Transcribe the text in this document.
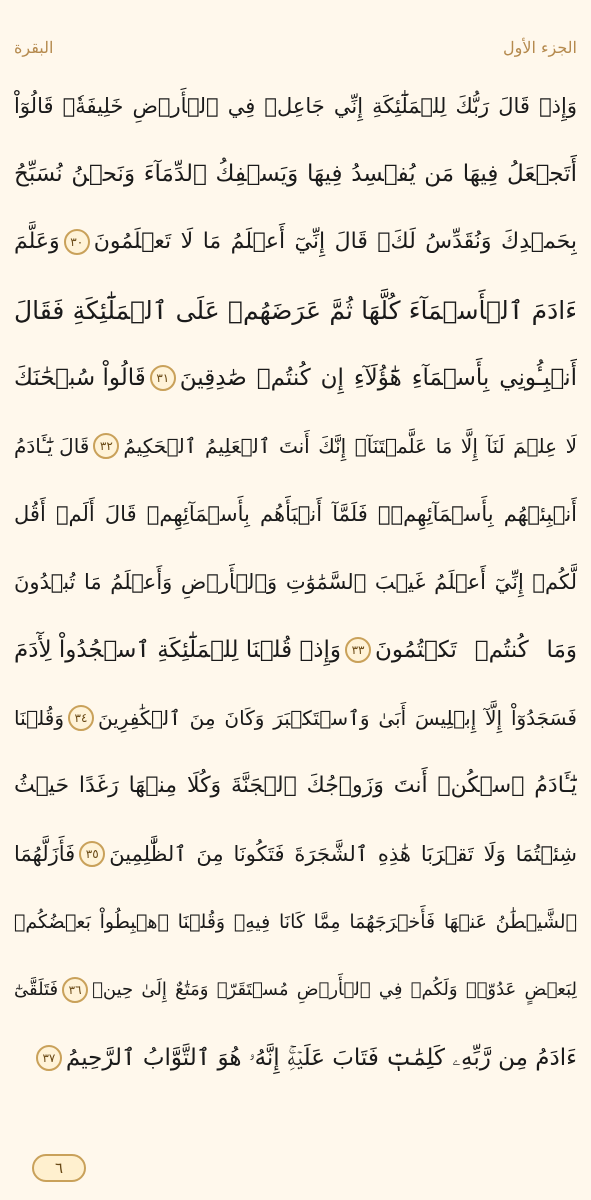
البقرة	الجزء الأول
وَإِذۡ قَالَ رَبُّكَ لِلۡمَلَٰٓئِكَةِ إِنِّي جَاعِلٞ فِي ٱلۡأَرۡضِ خَلِيفَةٗۖ قَالُوٓاْ
أَتَجۡعَلُ فِيهَا مَن يُفۡسِدُ فِيهَا وَيَسۡفِكُ ٱلدِّمَآءَ وَنَحۡنُ نُسَبِّحُ
بِحَمۡدِكَ وَنُقَدِّسُ لَكَۖ قَالَ إِنِّيٓ أَعۡلَمُ مَا لَا تَعۡلَمُونَ
٣٠
وَعَلَّمَ
ءَادَمَ ٱلۡأَسۡمَآءَ كُلَّهَا ثُمَّ عَرَضَهُمۡ عَلَى ٱلۡمَلَٰٓئِكَةِ فَقَالَ
أَنۢبِـُٔونِي بِأَسۡمَآءِ هَٰٓؤُلَآءِ إِن كُنتُمۡ صَٰدِقِينَ
٣١
قَالُواْ سُبۡحَٰنَكَ
لَا عِلۡمَ لَنَآ إِلَّا مَا عَلَّمۡتَنَآۖ إِنَّكَ أَنتَ ٱلۡعَلِيمُ ٱلۡحَكِيمُ
٣٢
قَالَ يَٰٓـَٔادَمُ
أَنۢبِئۡهُم بِأَسۡمَآئِهِمۡۖ فَلَمَّآ أَنۢبَأَهُم بِأَسۡمَآئِهِمۡ قَالَ أَلَمۡ أَقُل
لَّكُمۡ إِنِّيٓ أَعۡلَمُ غَيۡبَ ٱلسَّمَٰوَٰتِ وَٱلۡأَرۡضِ وَأَعۡلَمُ مَا تُبۡدُونَ
وَمَا كُنتُمۡ تَكۡتُمُونَ
٣٣
وَإِذۡ قُلۡنَا لِلۡمَلَٰٓئِكَةِ ٱسۡجُدُواْ لِأٓدَمَ
فَسَجَدُوٓاْ إِلَّآ إِبۡلِيسَ أَبَىٰ وَٱسۡتَكۡبَرَ وَكَانَ مِنَ ٱلۡكَٰفِرِينَ
٣٤
وَقُلۡنَا
يَٰٓـَٔادَمُ ٱسۡكُنۡ أَنتَ وَزَوۡجُكَ ٱلۡجَنَّةَ وَكُلَا مِنۡهَا رَغَدًا حَيۡثُ
شِئۡتُمَا وَلَا تَقۡرَبَا هَٰذِهِ ٱلشَّجَرَةَ فَتَكُونَا مِنَ ٱلظَّٰلِمِينَ
٣٥
فَأَزَلَّهُمَا
ٱلشَّيۡطَٰنُ عَنۡهَا فَأَخۡرَجَهُمَا مِمَّا كَانَا فِيهِۖ وَقُلۡنَا ٱهۡبِطُواْ بَعۡضُكُمۡ
لِبَعۡضٍ عَدُوّٞۖ وَلَكُمۡ فِي ٱلۡأَرۡضِ مُسۡتَقَرّٞ وَمَتَٰعٌ إِلَىٰ حِينٖ
٣٦
فَتَلَقَّىٰٓ
ءَادَمُ مِن رَّبِّهِۦ كَلِمَٰتٖ فَتَابَ عَلَيۡهِۚ إِنَّهُۥ هُوَ ٱلتَّوَّابُ ٱلرَّحِيمُ
٣٧
٦
